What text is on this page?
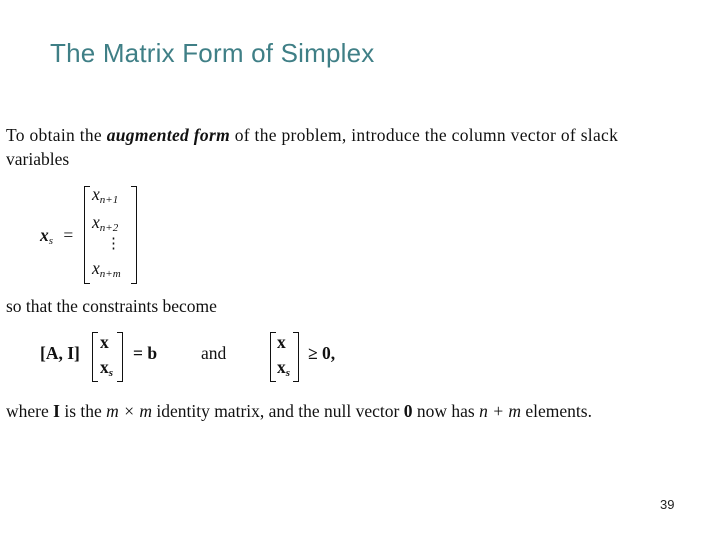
The Matrix Form of Simplex
To obtain the augmented form of the problem, introduce the column vector of slack
variables
$x_s$ =
$x_{n+1}$
$x_{n+2}$
⋮
$x_{n+m}$
so that the constraints become
[A, I]
x
$x_s$
= b	and
x
$x_s$
≥ 0,
where I is the m × m identity matrix, and the null vector 0 now has n + m elements.
39
